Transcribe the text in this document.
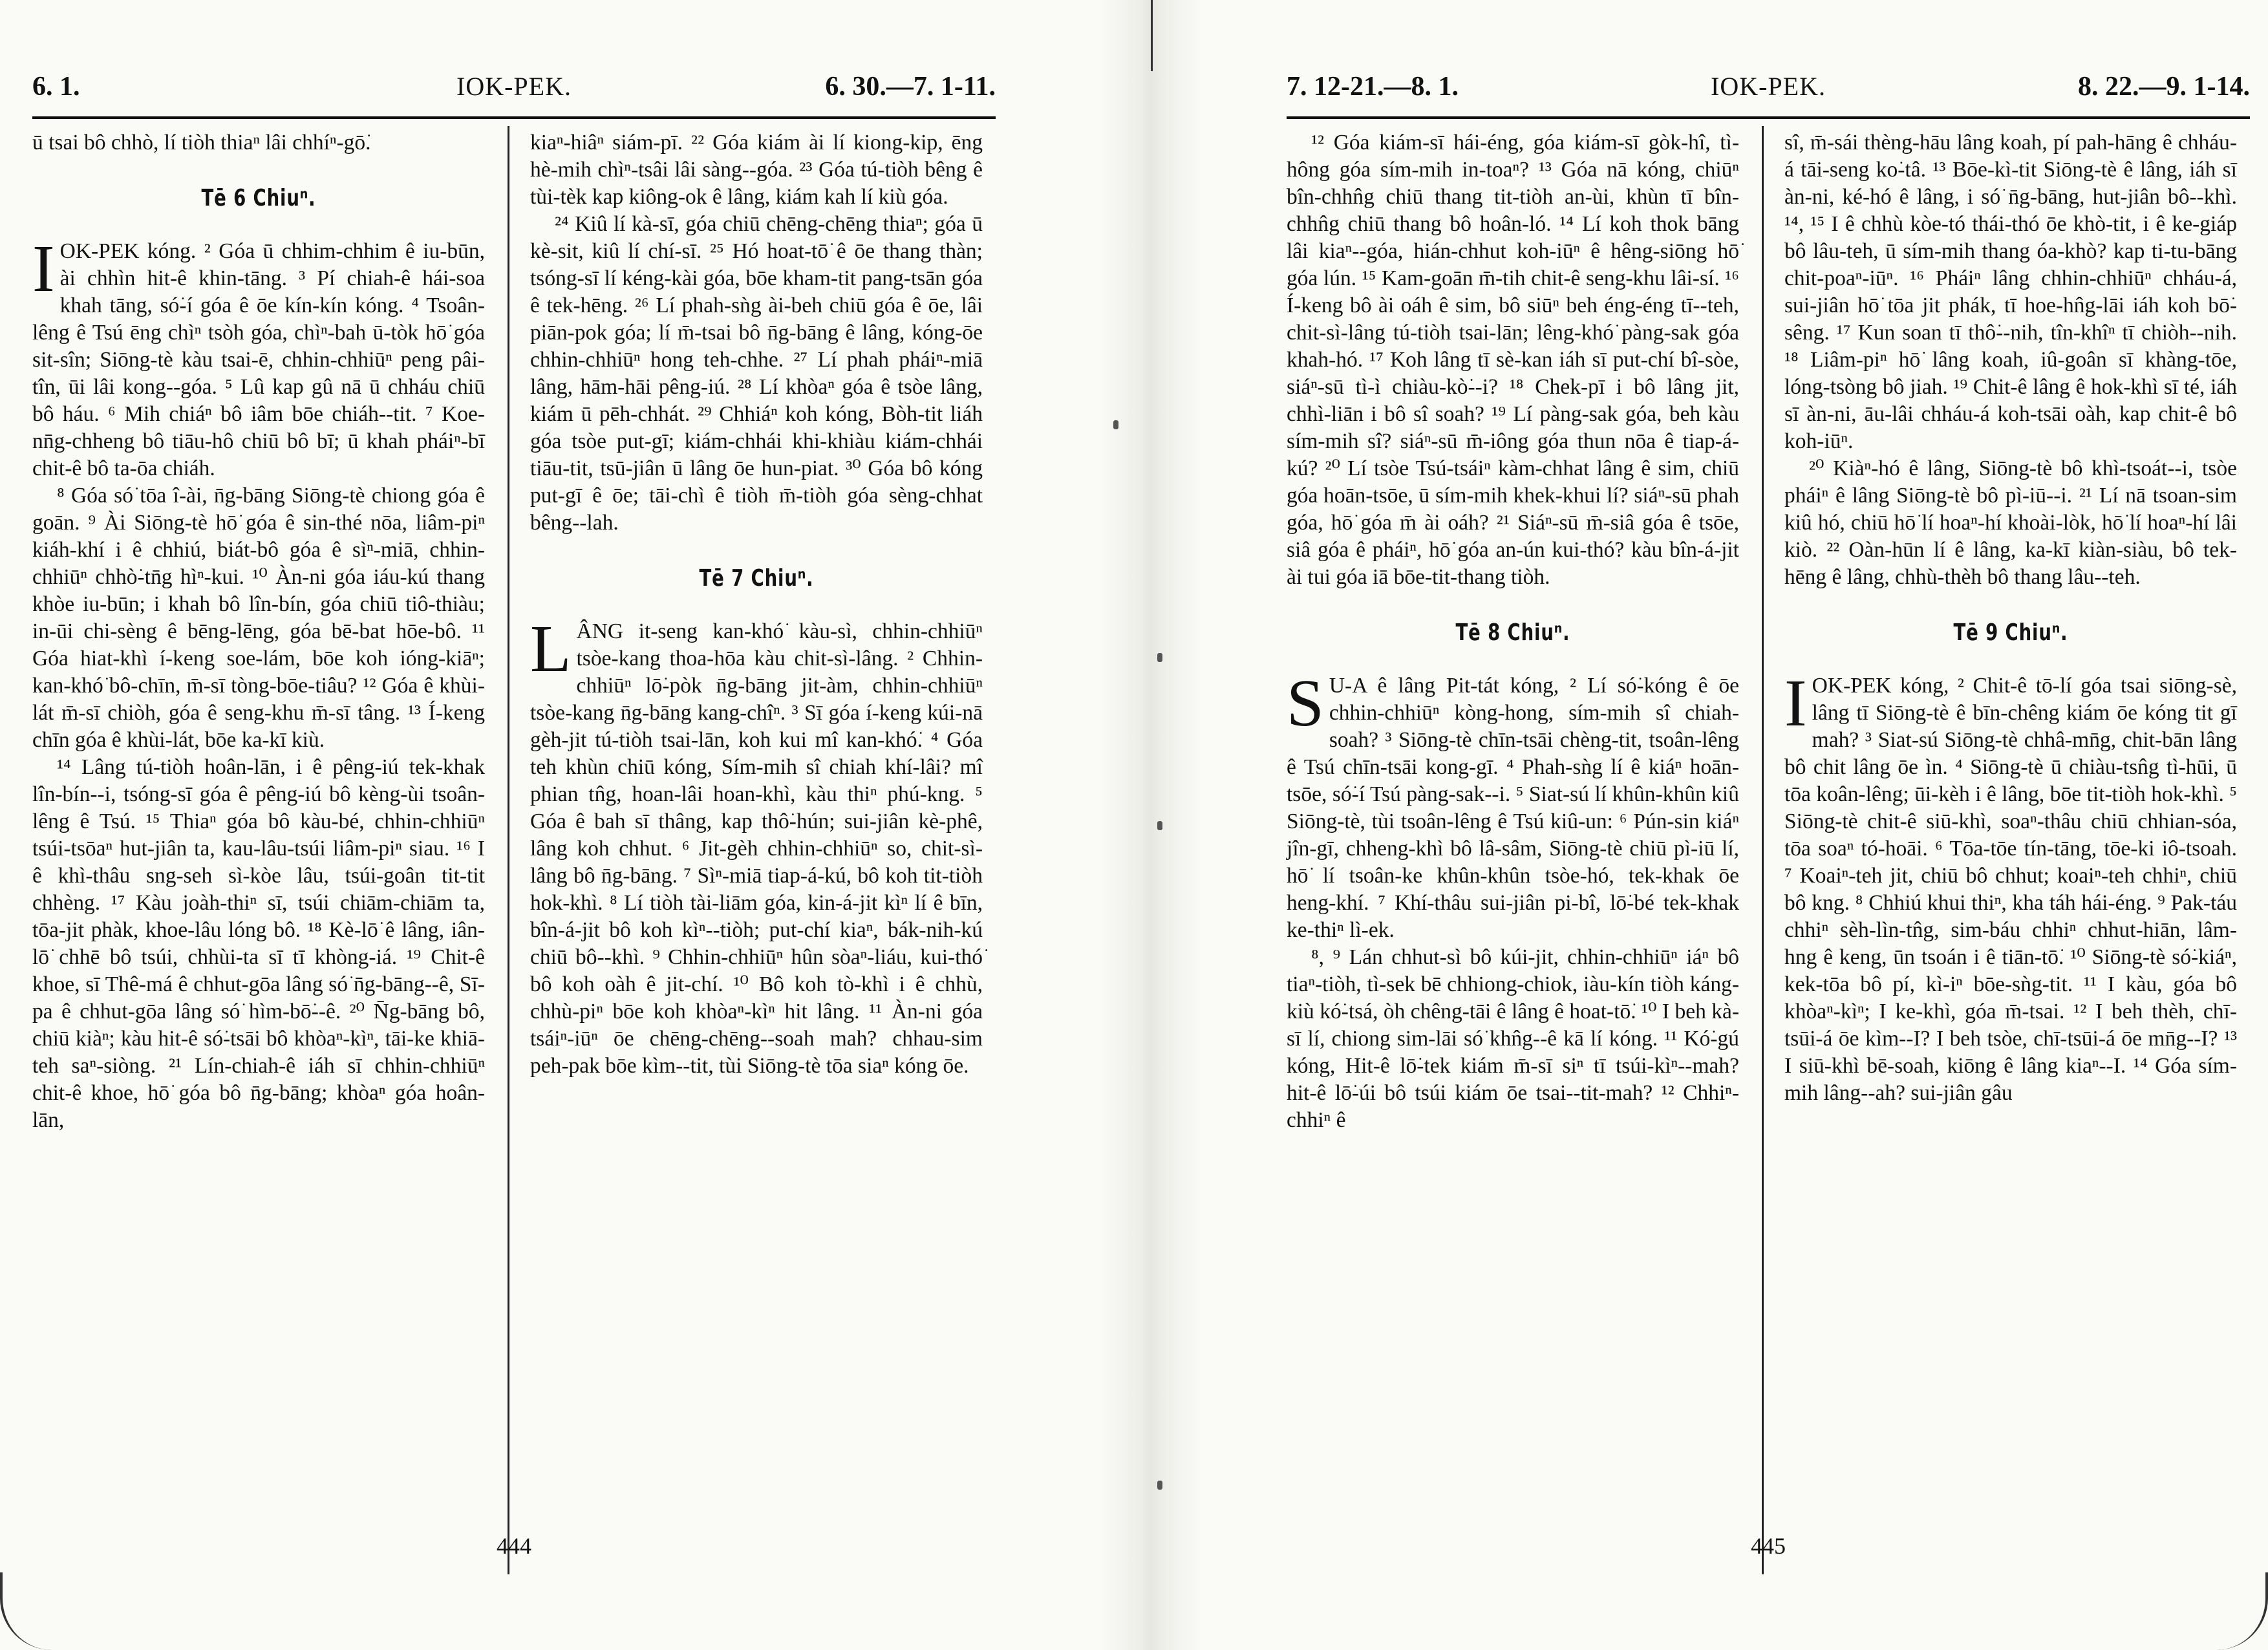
6. 1.	IOK-PEK.	6. 30.—7. 1-11.

ū tsai bô chhò, lí tiòh thiaⁿ lâi chhíⁿ-gō͘.

Tē 6 Chiuⁿ.

IOK-PEK kóng. ² Góa ū chhim-chhim ê iu-būn, ài chhìn hit-ê khin-tāng. ³ Pí chiah-ê hái-soa khah tāng, só͘-í góa ê ōe kín-kín kóng. ⁴ Tsoân-lêng ê Tsú ēng chìⁿ tsòh góa, chìⁿ-bah ū-tòk hō͘ góa sit-sîn; Siōng-tè kàu tsai-ē, chhin-chhiūⁿ peng pâi-tîn, ūi lâi kong--góa. ⁵ Lû kap gû nā ū chháu chiū bô háu. ⁶ Mih chiáⁿ bô iâm bōe chiáh--tit. ⁷ Koe-nn̄g-chheng bô tiāu-hô chiū bô bī; ū khah pháiⁿ-bī chit-ê bô ta-ōa chiáh.

⁸ Góa só͘ tōa î-ài, n̄g-bāng Siōng-tè chiong góa ê goān. ⁹ Ài Siōng-tè hō͘ góa ê sin-thé nōa, liâm-piⁿ kiáh-khí i ê chhiú, biát-bô góa ê sìⁿ-miā, chhin-chhiūⁿ chhò͘-tn̄g hìⁿ-kui. ¹⁰ Àn-ni góa iáu-kú thang khòe iu-būn; i khah bô lîn-bín, góa chiū tiô-thiàu; in-ūi chi-sèng ê bēng-lēng, góa bē-bat hōe-bô. ¹¹ Góa hiat-khì í-keng soe-lám, bōe koh ióng-kiāⁿ; kan-khó͘ bô-chīn, m̄-sī tòng-bōe-tiâu? ¹² Góa ê khùi-lát m̄-sī chiòh, góa ê seng-khu m̄-sī tâng. ¹³ Í-keng chīn góa ê khùi-lát, bōe ka-kī kiù.

¹⁴ Lâng tú-tiòh hoân-lān, i ê pêng-iú tek-khak lîn-bín--i, tsóng-sī góa ê pêng-iú bô kèng-ùi tsoân-lêng ê Tsú. ¹⁵ Thiaⁿ góa bô kàu-bé, chhin-chhiūⁿ tsúi-tsōaⁿ hut-jiân ta, kau-lâu-tsúi liâm-piⁿ siau. ¹⁶ I ê khì-thâu sng-seh sì-kòe lâu, tsúi-goân tit-tit chhèng. ¹⁷ Kàu joàh-thiⁿ sī, tsúi chiām-chiām ta, tōa-jit phàk, khoe-lâu lóng bô. ¹⁸ Kè-lō͘ ê lâng, iân-lō͘ chhē bô tsúi, chhùi-ta sī tī khòng-iá. ¹⁹ Chit-ê khoe, sī Thê-má ê chhut-gōa lâng só͘ n̄g-bāng--ê, Sī-pa ê chhut-gōa lâng só͘ hìm-bō͘--ê. ²⁰ N̄g-bāng bô, chiū kiàⁿ; kàu hit-ê só͘-tsāi bô khòaⁿ-kìⁿ, tāi-ke khiā-teh saⁿ-siòng. ²¹ Lín-chiah-ê iáh sī chhin-chhiūⁿ chit-ê khoe, hō͘ góa bô n̄g-bāng; khòaⁿ góa hoân-lān,

kiaⁿ-hiâⁿ siám-pī. ²² Góa kiám ài lí kiong-kip, ēng hè-mih chìⁿ-tsâi lâi sàng--góa. ²³ Góa tú-tiòh bêng ê tùi-tèk kap kiông-ok ê lâng, kiám kah lí kiù góa.

²⁴ Kiû lí kà-sī, góa chiū chēng-chēng thiaⁿ; góa ū kè-sit, kiû lí chí-sī. ²⁵ Hó hoat-tō͘ ê ōe thang thàn; tsóng-sī lí kéng-kài góa, bōe kham-tit pang-tsān góa ê tek-hēng. ²⁶ Lí phah-sǹg ài-beh chiū góa ê ōe, lâi piān-pok góa; lí m̄-tsai bô n̄g-bāng ê lâng, kóng-ōe chhin-chhiūⁿ hong teh-chhe. ²⁷ Lí phah pháiⁿ-miā lâng, hām-hāi pêng-iú. ²⁸ Lí khòaⁿ góa ê tsòe lâng, kiám ū pēh-chhát. ²⁹ Chhiáⁿ koh kóng, Bòh-tit liáh góa tsòe put-gī; kiám-chhái khi-khiàu kiám-chhái tiāu-tit, tsū-jiân ū lâng ōe hun-piat. ³⁰ Góa bô kóng put-gī ê ōe; tāi-chì ê tiòh m̄-tiòh góa sèng-chhat bêng--lah.

Tē 7 Chiuⁿ.

LÂNG it-seng kan-khó͘ kàu-sì, chhin-chhiūⁿ tsòe-kang thoa-hōa kàu chit-sì-lâng. ² Chhin-chhiūⁿ lō͘-pòk n̄g-bāng jit-àm, chhin-chhiūⁿ tsòe-kang n̄g-bāng kang-chîⁿ. ³ Sī góa í-keng kúi-nā gèh-jit tú-tiòh tsai-lān, koh kui mî kan-khó͘. ⁴ Góa teh khùn chiū kóng, Sím-mih sî chiah khí-lâi? mî phian tn̂g, hoan-lâi hoan-khì, kàu thiⁿ phú-kng. ⁵ Góa ê bah sī thâng, kap thô͘-hún; sui-jiân kè-phê, lâng koh chhut. ⁶ Jit-gèh chhin-chhiūⁿ so, chit-sì-lâng bô n̄g-bāng. ⁷ Sìⁿ-miā tiap-á-kú, bô koh tit-tiòh hok-khì. ⁸ Lí tiòh tài-liām góa, kin-á-jit kìⁿ lí ê bīn, bîn-á-jit bô koh kìⁿ--tiòh; put-chí kiaⁿ, bák-nih-kú chiū bô--khì. ⁹ Chhin-chhiūⁿ hûn sòaⁿ-liáu, kui-thó͘ bô koh oàh ê jit-chí. ¹⁰ Bô koh tò-khì i ê chhù, chhù-piⁿ bōe koh khòaⁿ-kìⁿ hit lâng. ¹¹ Àn-ni góa tsáiⁿ-iūⁿ ōe chēng-chēng--soah mah? chhau-sim peh-pak bōe kìm--tit, tùi Siōng-tè tōa siaⁿ kóng ōe.

444
7. 12-21.—8. 1.	IOK-PEK.	8. 22.—9. 1-14.

¹² Góa kiám-sī hái-éng, góa kiám-sī gòk-hî, tì-hông góa sím-mih in-toaⁿ? ¹³ Góa nā kóng, chiūⁿ bîn-chhn̂g chiū thang tit-tiòh an-ùi, khùn tī bîn-chhn̂g chiū thang bô hoân-ló. ¹⁴ Lí koh thok bāng lâi kiaⁿ--góa, hián-chhut koh-iūⁿ ê hêng-siōng hō͘ góa lún. ¹⁵ Kam-goān m̄-tih chit-ê seng-khu lâi-sí. ¹⁶ Í-keng bô ài oáh ê sim, bô siūⁿ beh éng-éng tī--teh, chit-sì-lâng tú-tiòh tsai-lān; lêng-khó͘ pàng-sak góa khah-hó. ¹⁷ Koh lâng tī sè-kan iáh sī put-chí bî-sòe, siáⁿ-sū tì-ì chiàu-kò͘--i? ¹⁸ Chek-pī i bô lâng jit, chhì-liān i bô sî soah? ¹⁹ Lí pàng-sak góa, beh kàu sím-mih sî? siáⁿ-sū m̄-iông góa thun nōa ê tiap-á-kú? ²⁰ Lí tsòe Tsú-tsáiⁿ kàm-chhat lâng ê sim, chiū góa hoān-tsōe, ū sím-mih khek-khui lí? siáⁿ-sū phah góa, hō͘ góa m̄ ài oáh? ²¹ Siáⁿ-sū m̄-siâ góa ê tsōe, siâ góa ê pháiⁿ, hō͘ góa an-ún kui-thó͘? kàu bîn-á-jit ài tui góa iā bōe-tit-thang tiòh.

Tē 8 Chiuⁿ.

S U-A ê lâng Pit-tát kóng, ² Lí só͘-kóng ê ōe chhin-chhiūⁿ kòng-hong, sím-mih sî chiah-soah? ³ Siōng-tè chīn-tsāi chèng-tit, tsoân-lêng ê Tsú chīn-tsāi kong-gī. ⁴ Phah-sǹg lí ê kiáⁿ hoān-tsōe, só͘-í Tsú pàng-sak--i. ⁵ Siat-sú lí khûn-khûn kiû Siōng-tè, tùi tsoân-lêng ê Tsú kiû-un: ⁶ Pún-sin kiáⁿ jîn-gī, chheng-khì bô lâ-sâm, Siōng-tè chiū pì-iū lí, hō͘ lí tsoân-ke khûn-khûn tsòe-hó, tek-khak ōe heng-khí. ⁷ Khí-thâu sui-jiân pi-bî, lō͘-bé tek-khak ke-thiⁿ lì-ek.

⁸, ⁹ Lán chhut-sì bô kúi-jit, chhin-chhiūⁿ iáⁿ bô tiaⁿ-tiòh, tì-sek bē chhiong-chiok, iàu-kín tiòh káng-kiù kó͘-tsá, òh chêng-tāi ê lâng ê hoat-tō͘. ¹⁰ I beh kà-sī lí, chiong sim-lāi só͘ khn̂g--ê kā lí kóng. ¹¹ Kó͘-gú kóng, Hit-ê lō͘-tek kiám m̄-sī siⁿ tī tsúi-kìⁿ--mah? hit-ê lō͘-úi bô tsúi kiám ōe tsai--tit-mah? ¹² Chhiⁿ-chhiⁿ ê

sî, m̄-sái thèng-hāu lâng koah, pí pah-hāng ê chháu-á tāi-seng ko͘-tâ. ¹³ Bōe-kì-tit Siōng-tè ê lâng, iáh sī àn-ni, ké-hó ê lâng, i só͘ n̄g-bāng, hut-jiân bô--khì. ¹⁴, ¹⁵ I ê chhù kòe-tó thái-thó ōe khò-tit, i ê ke-giáp bô lâu-teh, ū sím-mih thang óa-khò? kap ti-tu-bāng chit-poaⁿ-iūⁿ. ¹⁶ Pháiⁿ lâng chhin-chhiūⁿ chháu-á, sui-jiân hō͘ tōa jit phák, tī hoe-hn̂g-lāi iáh koh bō͘-sêng. ¹⁷ Kun soan tī thô͘--nih, tîn-khîⁿ tī chiòh--nih. ¹⁸ Liâm-piⁿ hō͘ lâng koah, iû-goân sī khàng-tōe, lóng-tsòng bô jiah. ¹⁹ Chit-ê lâng ê hok-khì sī té, iáh sī àn-ni, āu-lâi chháu-á koh-tsāi oàh, kap chit-ê bô koh-iūⁿ.

²⁰ Kiàⁿ-hó ê lâng, Siōng-tè bô khì-tsoát--i, tsòe pháiⁿ ê lâng Siōng-tè bô pì-iū--i. ²¹ Lí nā tsoan-sim kiû hó, chiū hō͘ lí hoaⁿ-hí khoài-lòk, hō͘ lí hoaⁿ-hí lâi kiò. ²² Oàn-hūn lí ê lâng, ka-kī kiàn-siàu, bô tek-hēng ê lâng, chhù-thèh bô thang lâu--teh.

Tē 9 Chiuⁿ.

IOK-PEK kóng, ² Chit-ê tō-lí góa tsai siōng-sè, lâng tī Siōng-tè ê bīn-chêng kiám ōe kóng tit gī mah? ³ Siat-sú Siōng-tè chhâ-mn̄g, chit-bān lâng bô chit lâng ōe ìn. ⁴ Siōng-tè ū chiàu-tsn̂g tì-hūi, ū tōa koân-lêng; ūi-kèh i ê lâng, bōe tit-tiòh hok-khì. ⁵ Siōng-tè chit-ê siū-khì, soaⁿ-thâu chiū chhian-sóa, tōa soaⁿ tó-hoāi. ⁶ Tōa-tōe tín-tāng, tōe-ki iô-tsoah. ⁷ Koaiⁿ-teh jit, chiū bô chhut; koaiⁿ-teh chhiⁿ, chiū bô kng. ⁸ Chhiú khui thiⁿ, kha táh hái-éng. ⁹ Pak-táu chhiⁿ sèh-lìn-tn̂g, sim-báu chhiⁿ chhut-hiān, lâm-hng ê keng, ūn tsoán i ê tiān-tō͘. ¹⁰ Siōng-tè só͘-kiáⁿ, kek-tōa bô pí, kì-iⁿ bōe-sǹg-tit. ¹¹ I kàu, góa bô khòaⁿ-kìⁿ; I ke-khì, góa m̄-tsai. ¹² I beh thèh, chī-tsūi-á ōe kìm--I? I beh tsòe, chī-tsūi-á ōe mn̄g--I? ¹³ I siū-khì bē-soah, kiōng ê lâng kiaⁿ--I. ¹⁴ Góa sím-mih lâng--ah? sui-jiân gâu

445
